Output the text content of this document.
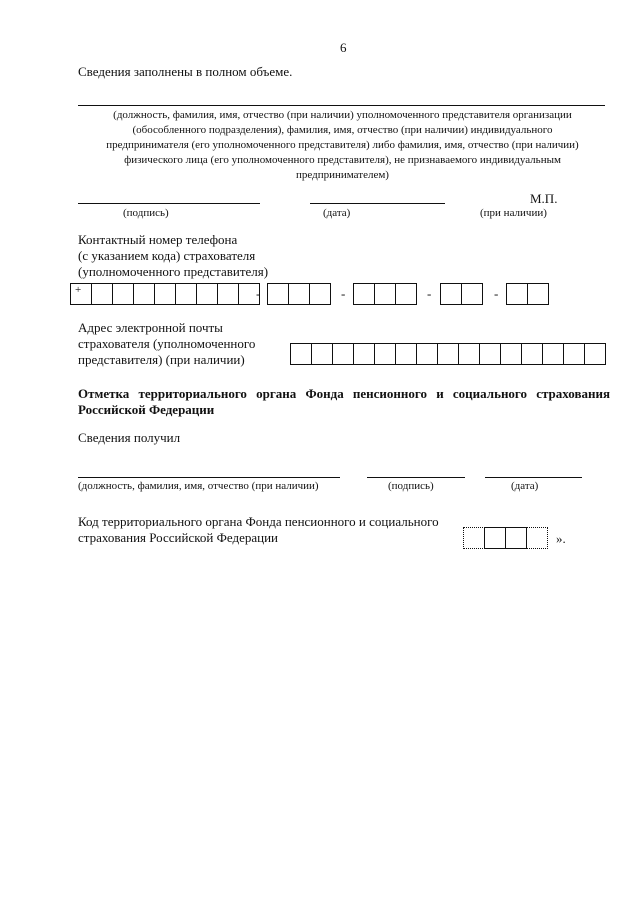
6
Сведения заполнены в полном объеме.
(должность, фамилия, имя, отчество (при наличии) уполномоченного представителя организации
(обособленного подразделения), фамилия, имя, отчество (при наличии) индивидуального
предпринимателя (его уполномоченного представителя) либо фамилия, имя, отчество (при наличии)
физического лица (его уполномоченного представителя), не признаваемого индивидуальным
предпринимателем)
(подпись)	(дата)
М.П.
(при наличии)
Контактный номер телефона
(с указанием кода) страхователя
(уполномоченного представителя)
+	-	-	-	-
Адрес электронной почты
страхователя (уполномоченного
представителя) (при наличии)
Отметка территориального органа Фонда пенсионного и социального страхования Российской Федерации
Сведения получил
(должность, фамилия, имя, отчество (при наличии)	(подпись)	(дата)
Код территориального органа Фонда пенсионного и социального
страхования Российской Федерации	».
